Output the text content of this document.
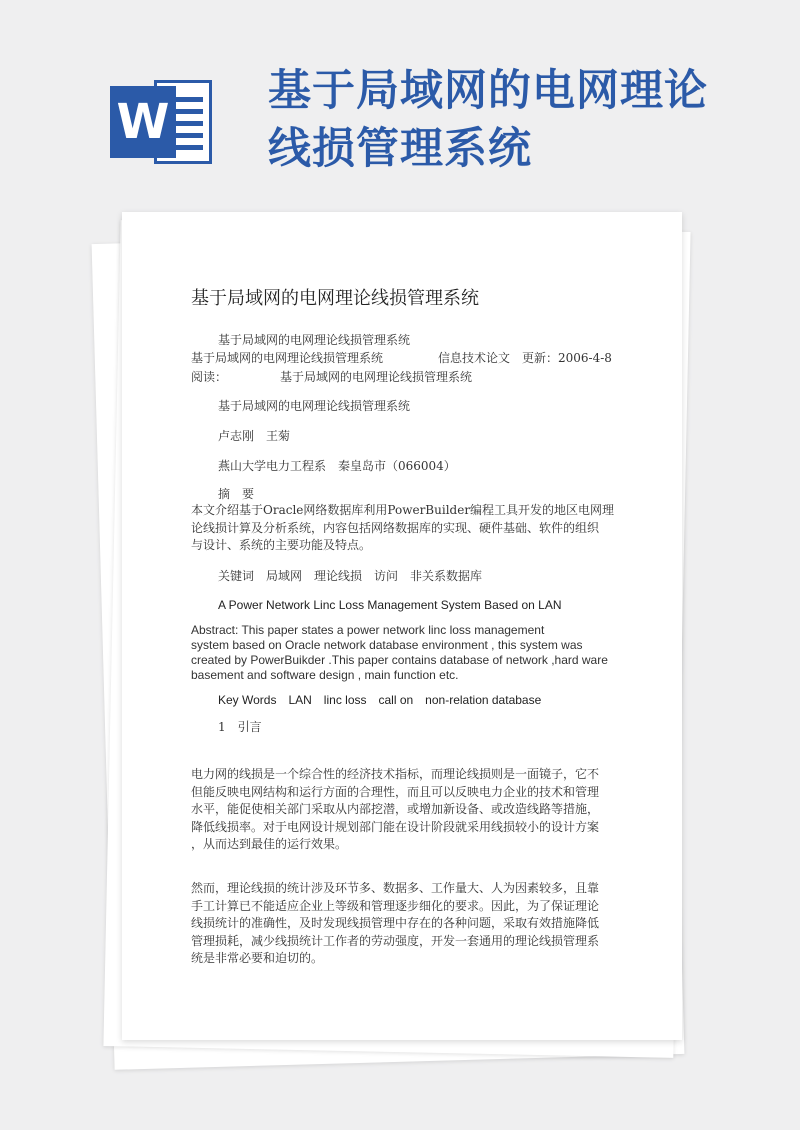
W
基于局域网的电网理论
线损管理系统
基于局域网的电网理论线损管理系统
基于局域网的电网理论线损管理系统
基于局域网的电网理论线损管理系统	信息技术论文　更新：2006-4-8
阅读：	基于局域网的电网理论线损管理系统
基于局域网的电网理论线损管理系统
卢志刚　王菊
燕山大学电力工程系　秦皇岛市（066004）
摘　要
本文介绍基于Oracle网络数据库利用PowerBuilder编程工具开发的地区电网理
论线损计算及分析系统，内容包括网络数据库的实现、硬件基础、软件的组织
与设计、系统的主要功能及特点。
关键词　局域网　理论线损　访问　非关系数据库
A Power Network Linc Loss Management System Based on LAN
Abstract: This paper states a power network linc loss management
system based on Oracle network database environment , this system was
created by PowerBuikder .This paper contains database of network ,hard ware
basement and software design , main function etc.
Key Words　LAN　linc loss　call on　non-relation database
1　引言
电力网的线损是一个综合性的经济技术指标，而理论线损则是一面镜子，它不
但能反映电网结构和运行方面的合理性，而且可以反映电力企业的技术和管理
水平，能促使相关部门采取从内部挖潜，或增加新设备、或改造线路等措施，
降低线损率。对于电网设计规划部门能在设计阶段就采用线损较小的设计方案
，从而达到最佳的运行效果。
然而，理论线损的统计涉及环节多、数据多、工作量大、人为因素较多，且靠
手工计算已不能适应企业上等级和管理逐步细化的要求。因此，为了保证理论
线损统计的准确性，及时发现线损管理中存在的各种问题，采取有效措施降低
管理损耗，减少线损统计工作者的劳动强度，开发一套通用的理论线损管理系
统是非常必要和迫切的。
